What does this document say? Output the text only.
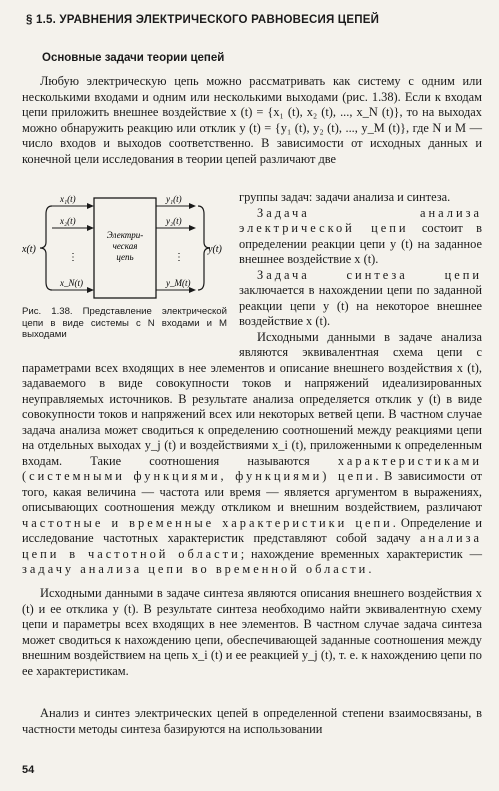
§ 1.5. УРАВНЕНИЯ ЭЛЕКТРИЧЕСКОГО РАВНОВЕСИЯ ЦЕПЕЙ
Основные задачи теории цепей

Любую электрическую цепь можно рассматривать как систему с одним или несколькими входами и одним или несколькими выходами (рис. 1.38). Если к входам цепи приложить внешнее воздействие x (t) = {x₁ (t), x₂ (t), ..., x_N (t)}, то на выходах можно обнаружить реакцию или отклик y (t) = {y₁ (t), y₂ (t), ..., y_M (t)}, где N и M — число входов и выходов соответственно. В зависимости от исходных данных и конечной цели исследования в теории цепей различают две

Электри-
ческая
цепь
x(t)
x₁(t)
x₂(t)
x_N(t)
⋮
y₁(t)
y₂(t)
y_M(t)
⋮
y(t)
Рис. 1.38. Представление электрической цепи в виде системы с N входами и M выходами

группы задач: задачи анализа и синтеза.

Задача анализа электрической цепи состоит в определении реакции цепи y (t) на заданное внешнее воздействие x (t).

Задача синтеза цепи заключается в нахождении цепи по заданной реакции цепи y (t) на некоторое внешнее воздействие x (t).

Исходными данными в задаче анализа являются эквивалентная схема цепи с параметрами всех входящих в нее элементов и описание внешнего воздействия x (t), задаваемого в виде совокупности токов и напряжений идеализированных неуправляемых источников. В результате анализа определяется отклик y (t) в виде совокупности токов и напряжений всех или некоторых ветвей цепи. В частном случае задача анализа может сводиться к определению соотношений между реакциями цепи на отдельных выходах y_j (t) и воздействиями x_i (t), приложенными к определенным входам. Такие соотношения называются характеристиками (системными функциями, функциями) цепи. В зависимости от того, какая величина — частота или время — является аргументом в выражениях, описывающих соотношения между откликом и внешним воздействием, различают частотные и временные характеристики цепи. Определение и исследование частотных характеристик представляют собой задачу анализа цепи в частотной области; нахождение временных характеристик — задачу анализа цепи во временной области.

Исходными данными в задаче синтеза являются описания внешнего воздействия x (t) и ее отклика y (t). В результате синтеза необходимо найти эквивалентную схему цепи и параметры всех входящих в нее элементов. В частном случае задача синтеза может сводиться к нахождению цепи, обеспечивающей заданные соотношения между внешним воздействием на цепь x_i (t) и ее реакцией y_j (t), т. е. к нахождению цепи по ее характеристикам.

Анализ и синтез электрических цепей в определенной степени взаимосвязаны, в частности методы синтеза базируются на использовании

54
